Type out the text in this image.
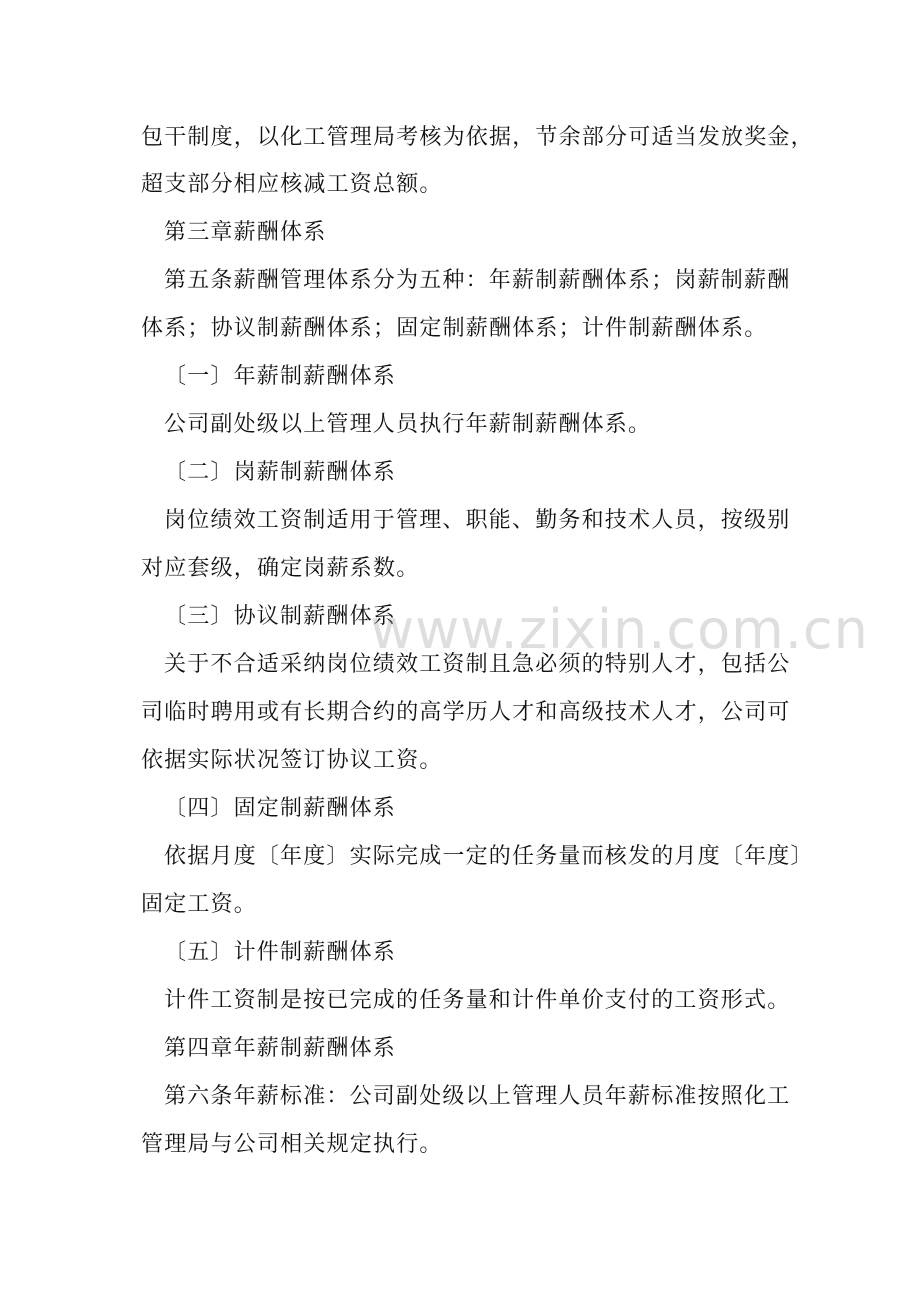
包干制度，以化工管理局考核为依据，节余部分可适当发放奖金，
超支部分相应核减工资总额。
第三章薪酬体系
第五条薪酬管理体系分为五种：年薪制薪酬体系；岗薪制薪酬
体系；协议制薪酬体系；固定制薪酬体系；计件制薪酬体系。
〔一〕年薪制薪酬体系
公司副处级以上管理人员执行年薪制薪酬体系。
〔二〕岗薪制薪酬体系
岗位绩效工资制适用于管理、职能、勤务和技术人员，按级别
对应套级，确定岗薪系数。
〔三〕协议制薪酬体系
关于不合适采纳岗位绩效工资制且急必须的特别人才，包括公
司临时聘用或有长期合约的高学历人才和高级技术人才，公司可
依据实际状况签订协议工资。
〔四〕固定制薪酬体系
依据月度〔年度〕实际完成一定的任务量而核发的月度〔年度〕
固定工资。
〔五〕计件制薪酬体系
计件工资制是按已完成的任务量和计件单价支付的工资形式。
第四章年薪制薪酬体系
第六条年薪标准：公司副处级以上管理人员年薪标准按照化工
管理局与公司相关规定执行。
www.zixin.com.cn
